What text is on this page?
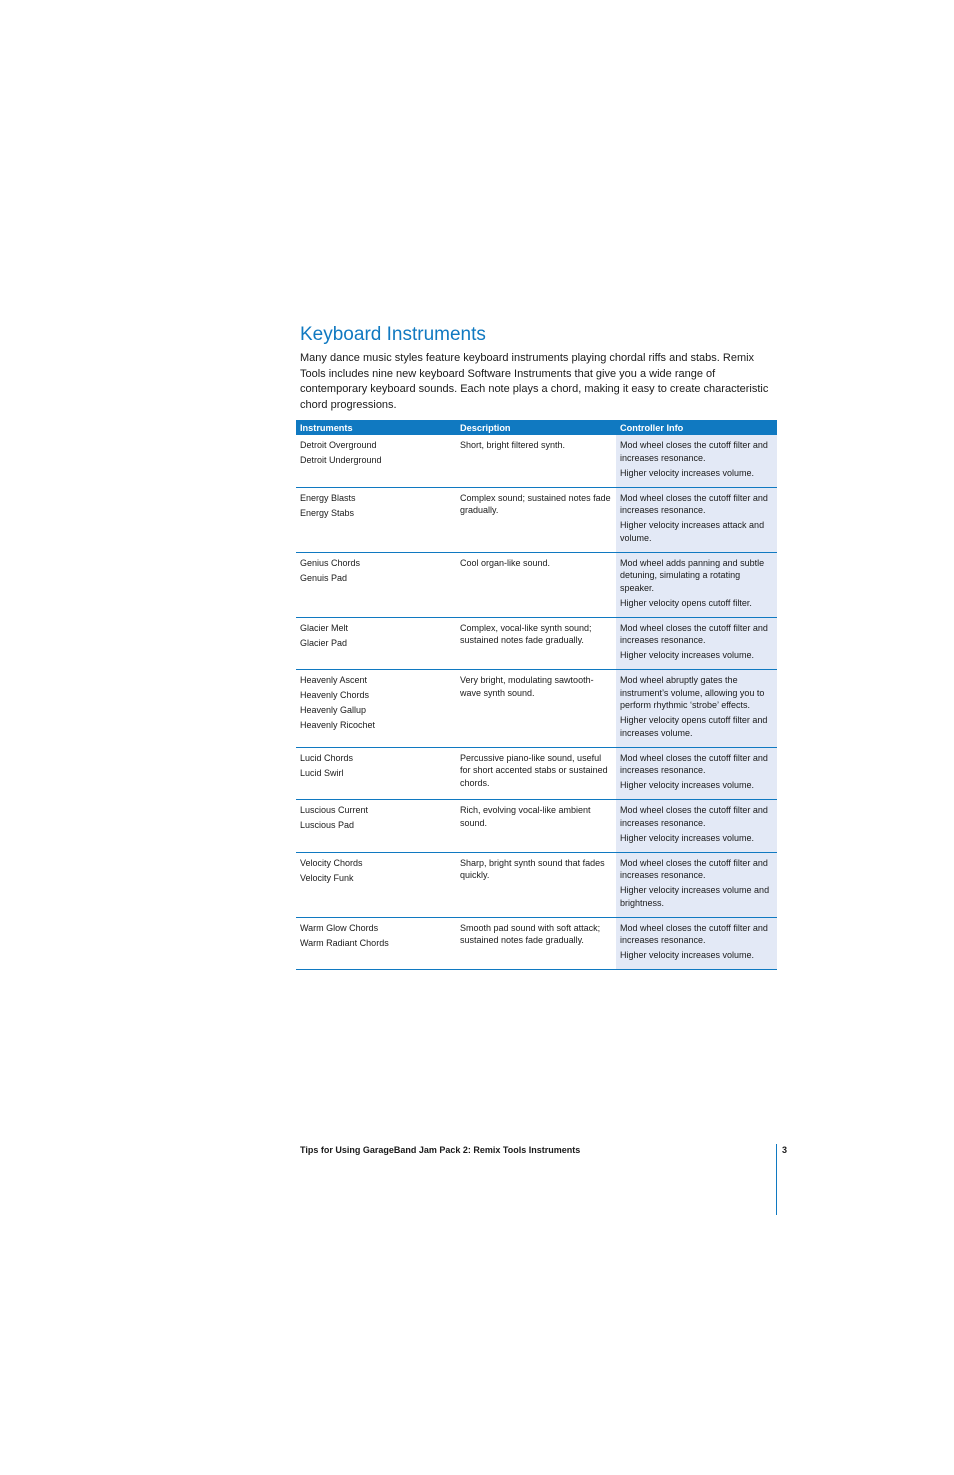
Keyboard Instruments

Many dance music styles feature keyboard instruments playing chordal riffs and stabs. Remix Tools includes nine new keyboard Software Instruments that give you a wide range of contemporary keyboard sounds. Each note plays a chord, making it easy to create characteristic chord progressions.

Instruments	Description	Controller Info

Detroit Overground
Detroit Underground	Short, bright filtered synth.	Mod wheel closes the cutoff filter and increases resonance.
Higher velocity increases volume.

Energy Blasts
Energy Stabs	Complex sound; sustained notes fade gradually.	Mod wheel closes the cutoff filter and increases resonance.
Higher velocity increases attack and volume.

Genius Chords
Genuis Pad	Cool organ-like sound.	Mod wheel adds panning and subtle detuning, simulating a rotating speaker.
Higher velocity opens cutoff filter.

Glacier Melt
Glacier Pad	Complex, vocal-like synth sound; sustained notes fade gradually.	Mod wheel closes the cutoff filter and increases resonance.
Higher velocity increases volume.

Heavenly Ascent
Heavenly Chords
Heavenly Gallup
Heavenly Ricochet	Very bright, modulating sawtooth-wave synth sound.	Mod wheel abruptly gates the instrument’s volume, allowing you to perform rhythmic ‘strobe’ effects.
Higher velocity opens cutoff filter and increases volume.

Lucid Chords
Lucid Swirl	Percussive piano-like sound, useful for short accented stabs or sustained chords.	Mod wheel closes the cutoff filter and increases resonance.
Higher velocity increases volume.

Luscious Current
Luscious Pad	Rich, evolving vocal-like ambient sound.	Mod wheel closes the cutoff filter and increases resonance.
Higher velocity increases volume.

Velocity Chords
Velocity Funk	Sharp, bright synth sound that fades quickly.	Mod wheel closes the cutoff filter and increases resonance.
Higher velocity increases volume and brightness.

Warm Glow Chords
Warm Radiant Chords	Smooth pad sound with soft attack; sustained notes fade gradually.	Mod wheel closes the cutoff filter and increases resonance.
Higher velocity increases volume.
Tips for Using GarageBand Jam Pack 2: Remix Tools Instruments	3
